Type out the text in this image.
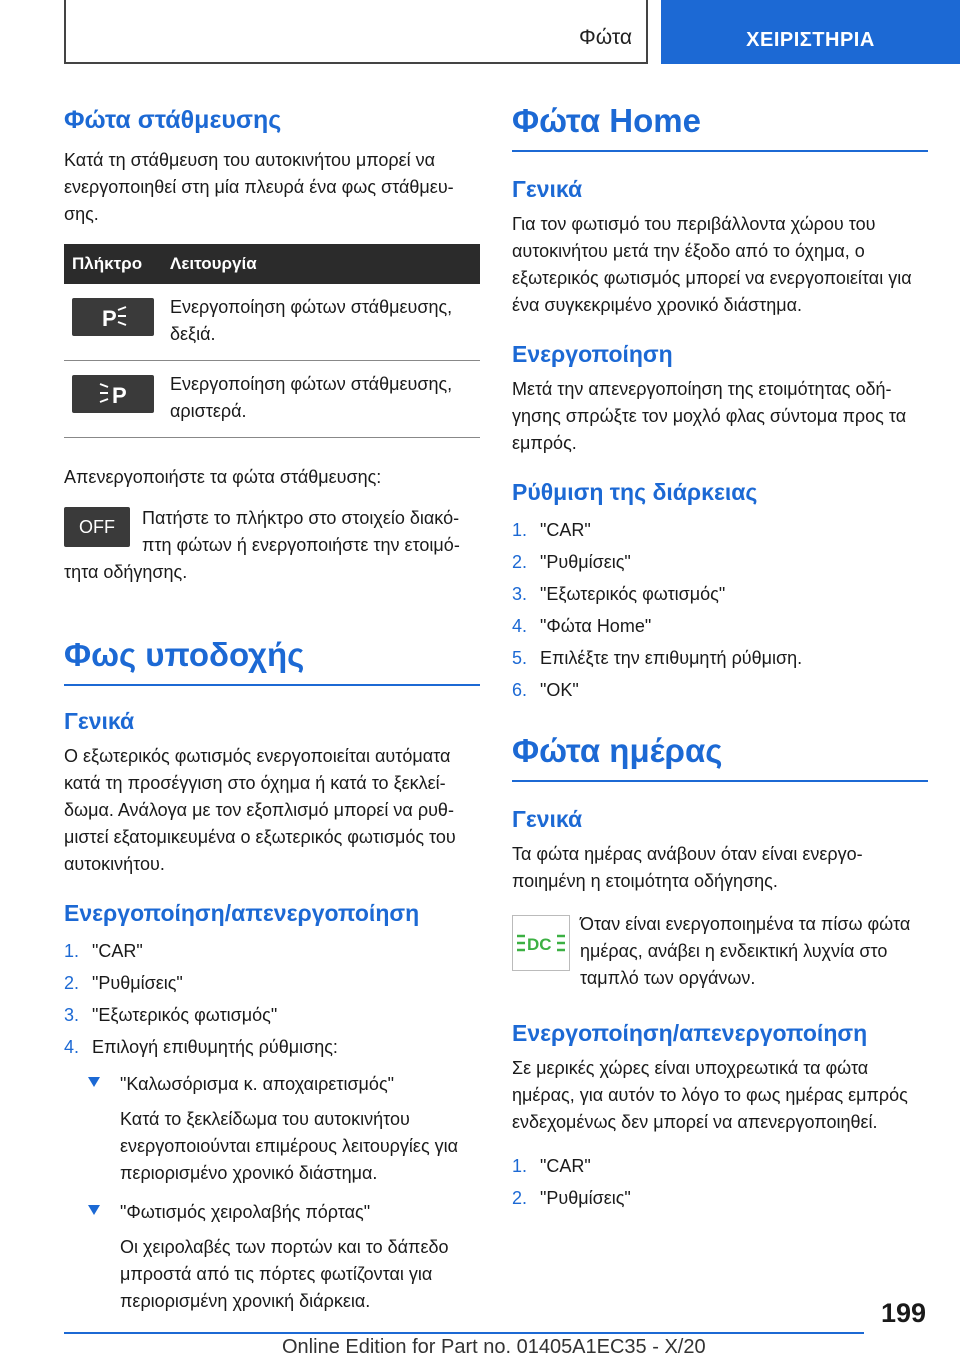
Φώτα	ΧΕΙΡΙΣΤΗΡΙΑ
Φώτα στάθμευσης

Κατά τη στάθμευση του αυτοκινήτου μπορεί να ενεργοποιηθεί στη μία πλευρά ένα φως στάθμευσης.

Πλήκτρο	Λειτουργία

P	Ενεργοποίηση φώτων στάθμευσης, δεξιά.

P	Ενεργοποίηση φώτων στάθμευσης, αριστερά.

Απενεργοποιήστε τα φώτα στάθμευσης:

OFF	Πατήστε το πλήκτρο στο στοιχείο διακόπτη φώτων ή ενεργοποιήστε την ετοιμότητα οδήγησης.

Φως υποδοχής
Γενικά

Ο εξωτερικός φωτισμός ενεργοποιείται αυτόματα κατά τη προσέγγιση στο όχημα ή κατά το ξεκλείδωμα. Ανάλογα με τον εξοπλισμό μπορεί να ρυθμιστεί εξατομικευμένα ο εξωτερικός φωτισμός του αυτοκινήτου.

Ενεργοποίηση/απενεργοποίηση
1. "CAR"
2. "Ρυθμίσεις"
3. "Εξωτερικός φωτισμός"
4. Επιλογή επιθυμητής ρύθμισης:
"Καλωσόρισμα κ. αποχαιρετισμός"
Κατά το ξεκλείδωμα του αυτοκινήτου ενεργοποιούνται επιμέρους λειτουργίες για περιορισμένο χρονικό διάστημα.
"Φωτισμός χειρολαβής πόρτας"
Οι χειρολαβές των πορτών και το δάπεδο μπροστά από τις πόρτες φωτίζονται για περιορισμένη χρονική διάρκεια.
Φώτα Home
Γενικά

Για τον φωτισμό του περιβάλλοντα χώρου του αυτοκινήτου μετά την έξοδο από το όχημα, ο εξωτερικός φωτισμός μπορεί να ενεργοποιείται για ένα συγκεκριμένο χρονικό διάστημα.

Ενεργοποίηση

Μετά την απενεργοποίηση της ετοιμότητας οδήγησης σπρώξτε τον μοχλό φλας σύντομα προς τα εμπρός.

Ρύθμιση της διάρκειας
1. "CAR"
2. "Ρυθμίσεις"
3. "Εξωτερικός φωτισμός"
4. "Φώτα Home"
5. Επιλέξτε την επιθυμητή ρύθμιση.
6. "OK"
Φώτα ημέρας
Γενικά

Τα φώτα ημέρας ανάβουν όταν είναι ενεργοποιημένη η ετοιμότητα οδήγησης.

DC

Όταν είναι ενεργοποιημένα τα πίσω φώτα ημέρας, ανάβει η ενδεικτική λυχνία στο ταμπλό των οργάνων.

Ενεργοποίηση/απενεργοποίηση

Σε μερικές χώρες είναι υποχρεωτικά τα φώτα ημέρας, για αυτόν το λόγο το φως ημέρας εμπρός ενδεχομένως δεν μπορεί να απενεργοποιηθεί.

1. "CAR"
2. "Ρυθμίσεις"
199
Online Edition for Part no. 01405A1EC35 - X/20
